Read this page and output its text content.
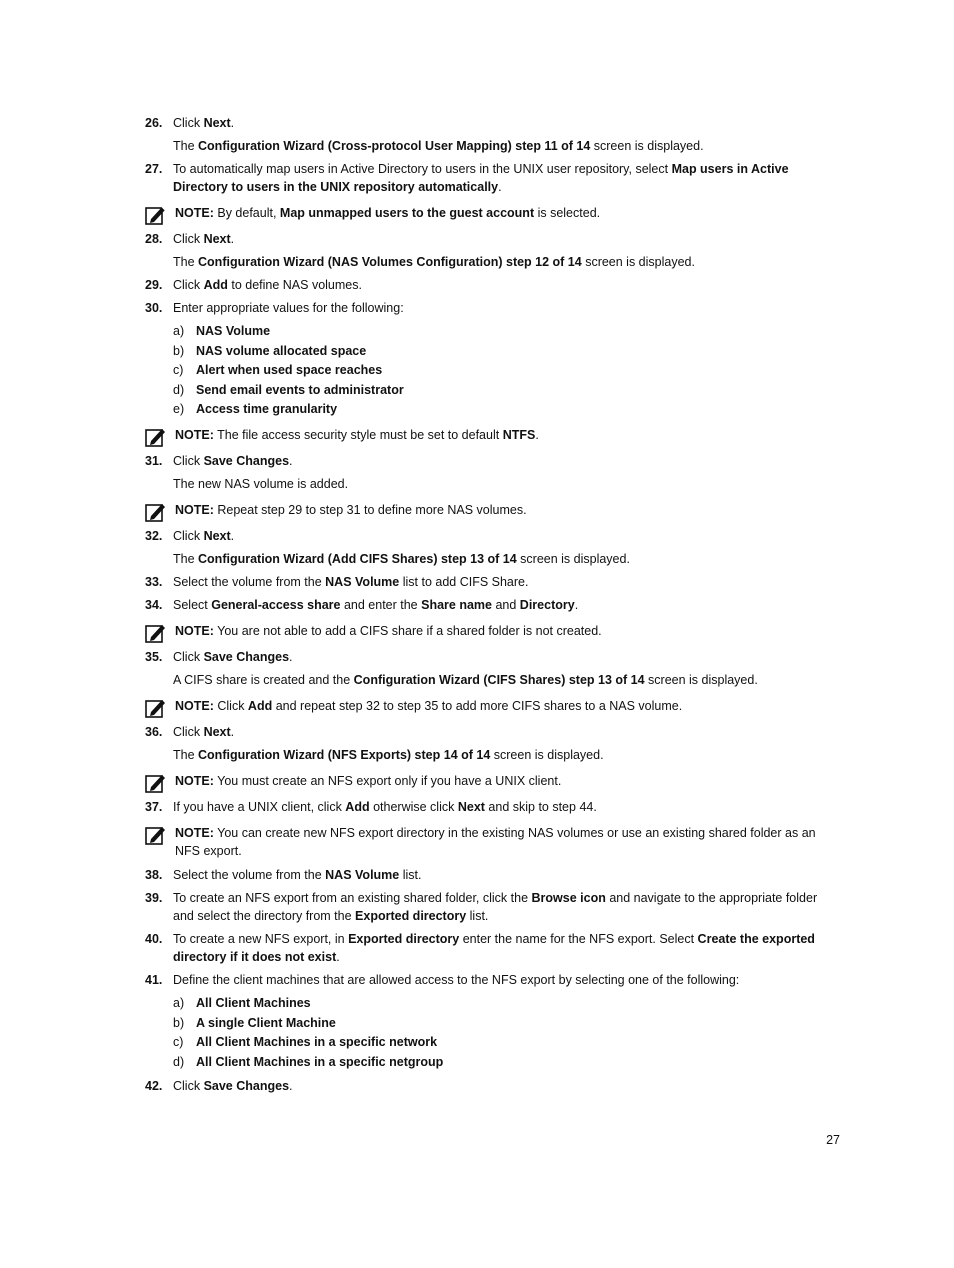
26. Click Next.
The Configuration Wizard (Cross-protocol User Mapping) step 11 of 14 screen is displayed.
27. To automatically map users in Active Directory to users in the UNIX user repository, select Map users in Active Directory to users in the UNIX repository automatically.
NOTE: By default, Map unmapped users to the guest account is selected.
28. Click Next.
The Configuration Wizard (NAS Volumes Configuration) step 12 of 14 screen is displayed.
29. Click Add to define NAS volumes.
30. Enter appropriate values for the following:
a) NAS Volume
b) NAS volume allocated space
c) Alert when used space reaches
d) Send email events to administrator
e) Access time granularity
NOTE: The file access security style must be set to default NTFS.
31. Click Save Changes.
The new NAS volume is added.
NOTE: Repeat step 29 to step 31 to define more NAS volumes.
32. Click Next.
The Configuration Wizard (Add CIFS Shares) step 13 of 14 screen is displayed.
33. Select the volume from the NAS Volume list to add CIFS Share.
34. Select General-access share and enter the Share name and Directory.
NOTE: You are not able to add a CIFS share if a shared folder is not created.
35. Click Save Changes.
A CIFS share is created and the Configuration Wizard (CIFS Shares) step 13 of 14 screen is displayed.
NOTE: Click Add and repeat step 32 to step 35 to add more CIFS shares to a NAS volume.
36. Click Next.
The Configuration Wizard (NFS Exports) step 14 of 14 screen is displayed.
NOTE: You must create an NFS export only if you have a UNIX client.
37. If you have a UNIX client, click Add otherwise click Next and skip to step 44.
NOTE: You can create new NFS export directory in the existing NAS volumes or use an existing shared folder as an NFS export.
38. Select the volume from the NAS Volume list.
39. To create an NFS export from an existing shared folder, click the Browse icon and navigate to the appropriate folder and select the directory from the Exported directory list.
40. To create a new NFS export, in Exported directory enter the name for the NFS export. Select Create the exported directory if it does not exist.
41. Define the client machines that are allowed access to the NFS export by selecting one of the following:
a) All Client Machines
b) A single Client Machine
c) All Client Machines in a specific network
d) All Client Machines in a specific netgroup
42. Click Save Changes.
27
